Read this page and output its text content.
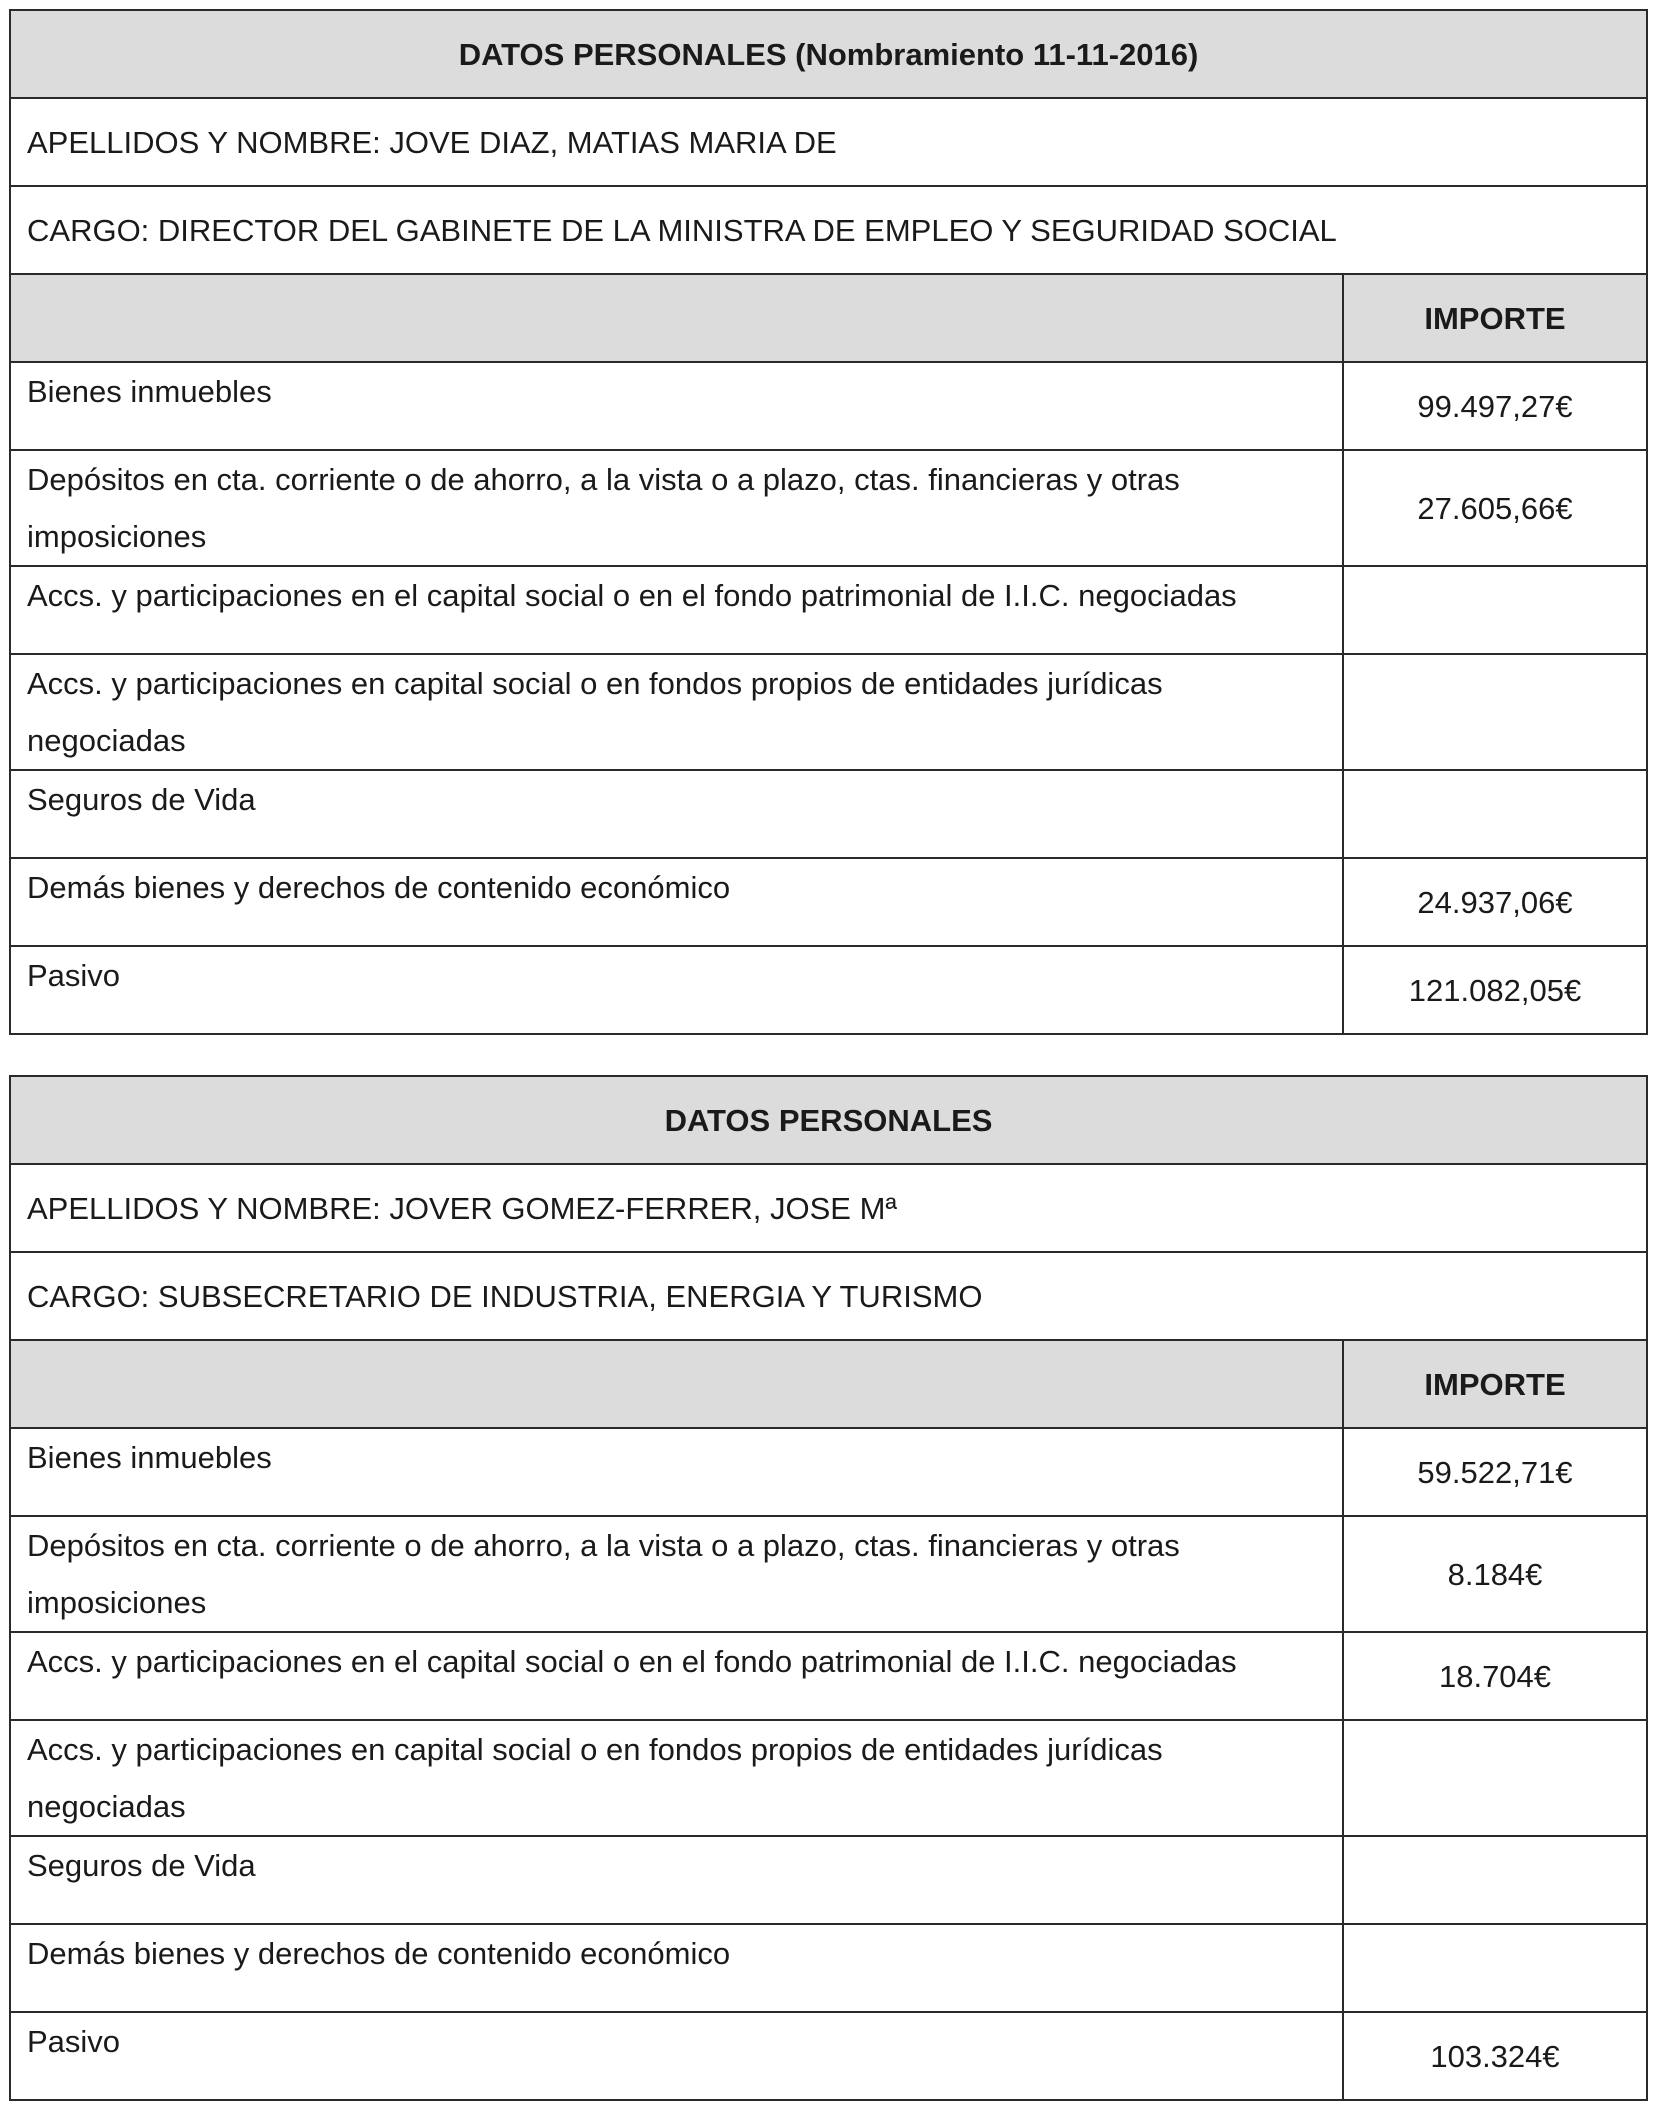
DATOS PERSONALES (Nombramiento 11-11-2016)	
APELLIDOS Y NOMBRE: JOVE DIAZ, MATIAS MARIA DE	
CARGO: DIRECTOR DEL GABINETE DE LA MINISTRA DE EMPLEO Y SEGURIDAD SOCIAL	
	IMPORTE
Bienes inmuebles	99.497,27€
Depósitos en cta. corriente o de ahorro, a la vista o a plazo, ctas. financieras y otras imposiciones	27.605,66€
Accs. y participaciones en el capital social o en el fondo patrimonial de I.I.C. negociadas	
Accs. y participaciones en capital social o en fondos propios de entidades jurídicas negociadas	
Seguros de Vida	
Demás bienes y derechos de contenido económico	24.937,06€
Pasivo	121.082,05€
DATOS PERSONALES	
APELLIDOS Y NOMBRE: JOVER GOMEZ-FERRER, JOSE Mª	
CARGO: SUBSECRETARIO DE INDUSTRIA, ENERGIA Y TURISMO	
	IMPORTE
Bienes inmuebles	59.522,71€
Depósitos en cta. corriente o de ahorro, a la vista o a plazo, ctas. financieras y otras imposiciones	8.184€
Accs. y participaciones en el capital social o en el fondo patrimonial de I.I.C. negociadas	18.704€
Accs. y participaciones en capital social o en fondos propios de entidades jurídicas negociadas	
Seguros de Vida	
Demás bienes y derechos de contenido económico	
Pasivo	103.324€
